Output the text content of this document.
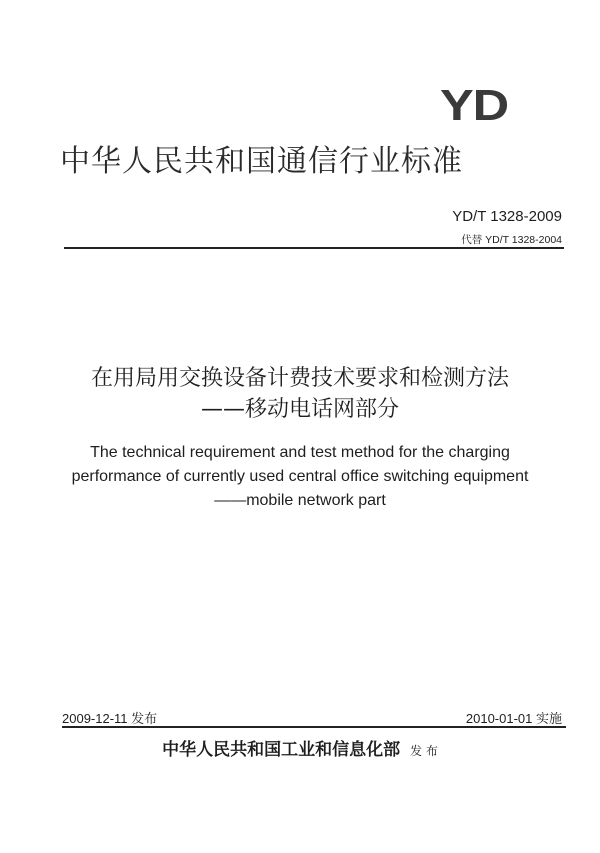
YD
中华人民共和国通信行业标准
YD/T 1328-2009
代替 YD/T 1328-2004
在用局用交换设备计费技术要求和检测方法
——移动电话网部分
The technical requirement and test method for the charging
performance of currently used central office switching equipment
——mobile network part
2009-12-11 发布	2010-01-01 实施
中华人民共和国工业和信息化部 发 布
